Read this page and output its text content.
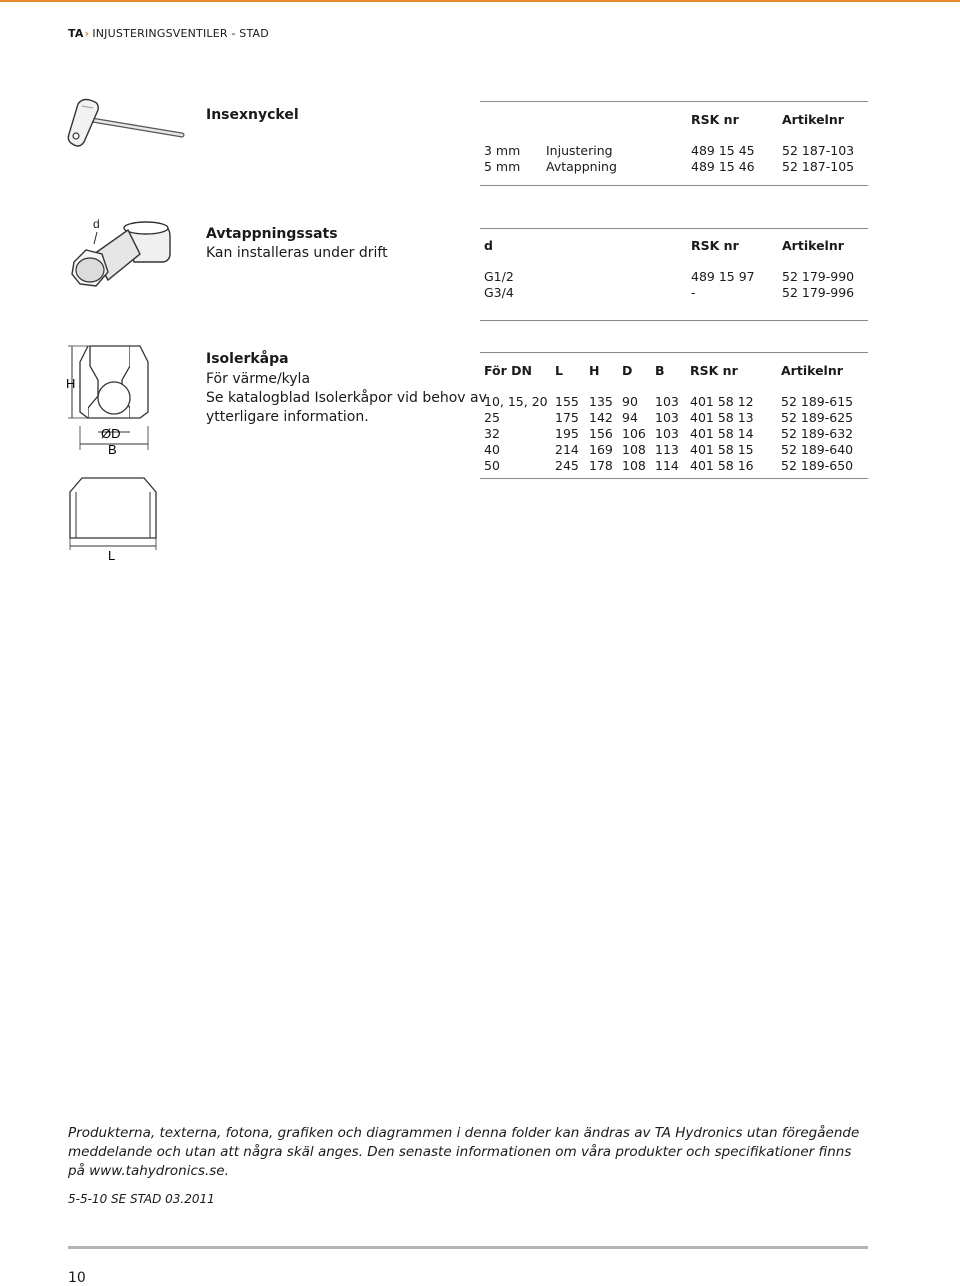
TA› INJUSTERINGSVENTILER - STAD
Insexnyckel
			RSK nr	Artikelnr

3 mm	Injustering	489 15 45	52 187-103
5 mm	Avtappning	489 15 46	52 187-105
d
Avtappningssats
Kan installeras under drift	d	RSK nr	Artikelnr

G1/2	489 15 97	52 179-990
G3/4	-	52 179-996
H
ØD
B
L
Isolerkåpa
För värme/kyla
Se katalogblad Isolerkåpor vid behov av
ytterligare information.
För DN	L	H	D	B	RSK nr	Artikelnr

10, 15, 20	155	135	90	103	401 58 12	52 189-615
25	175	142	94	103	401 58 13	52 189-625
32	195	156	106	103	401 58 14	52 189-632
40	214	169	108	113	401 58 15	52 189-640
50	245	178	108	114	401 58 16	52 189-650
Produkterna, texterna, fotona, grafiken och diagrammen i denna folder kan ändras av TA Hydronics utan föregående meddelande och utan att några skäl anges. Den senaste informationen om våra produkter och specifikationer finns på www.tahydronics.se.
5-5-10 SE STAD 03.2011
10
